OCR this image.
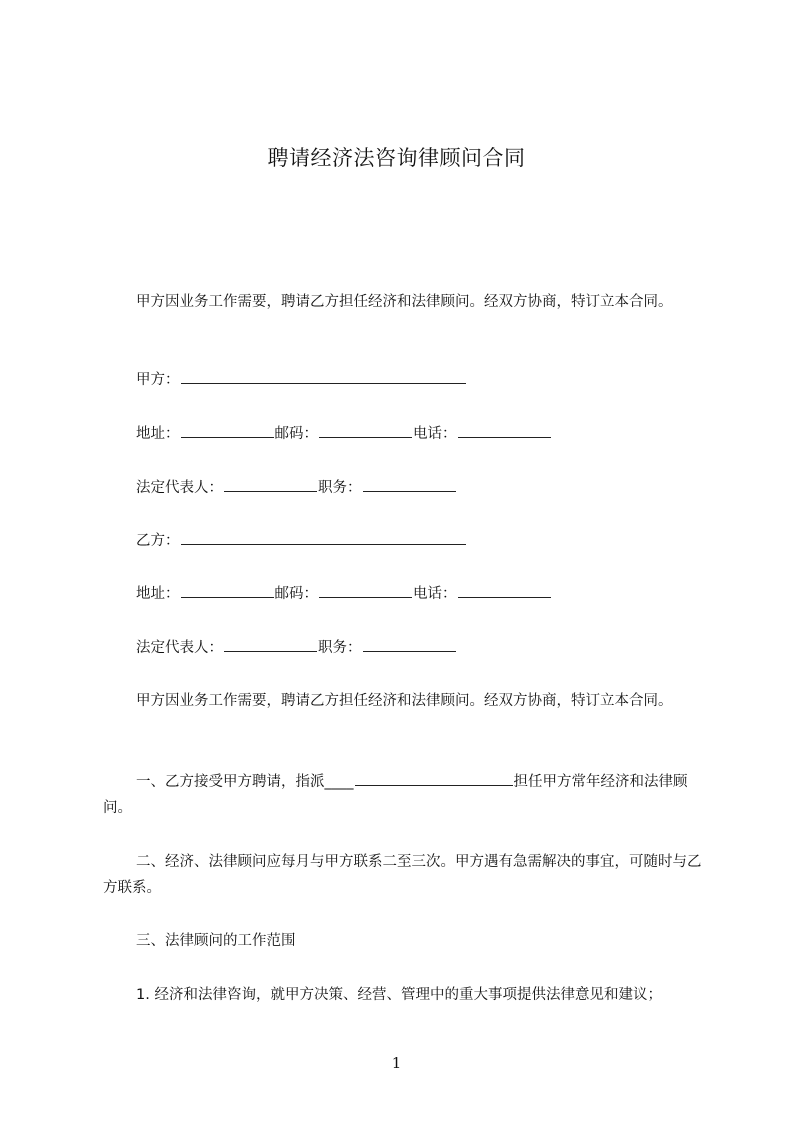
聘请经济法咨询律顾问合同

甲方因业务工作需要，聘请乙方担任经济和法律顾问。经双方协商，特订立本合同。

甲方：
地址：	邮码：	电话：
法定代表人：	职务：
乙方：
地址：	邮码：	电话：
法定代表人：	职务：

甲方因业务工作需要，聘请乙方担任经济和法律顾问。经双方协商，特订立本合同。

一、乙方接受甲方聘请，指派____	担任甲方常年经济和法律顾问。

二、经济、法律顾问应每月与甲方联系二至三次。甲方遇有急需解决的事宜，可随时与乙方联系。

三、法律顾问的工作范围
1. 经济和法律咨询，就甲方决策、经营、管理中的重大事项提供法律意见和建议；
1
